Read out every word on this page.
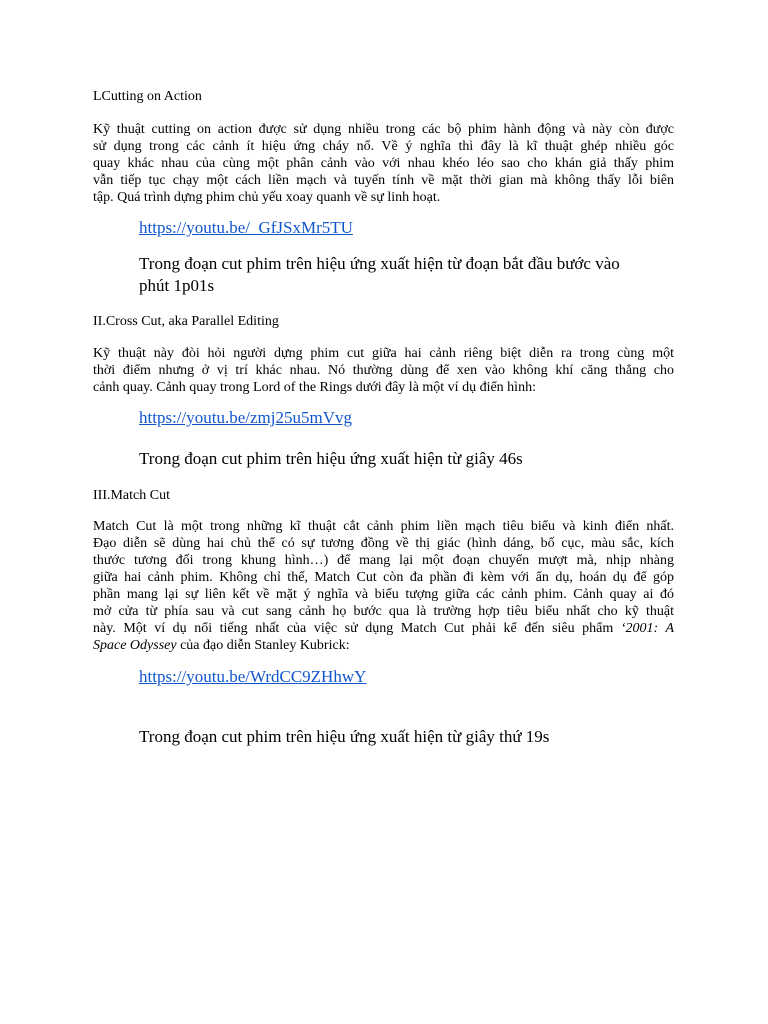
LCutting on Action
Kỹ thuật cutting on action được sử dụng nhiều trong các bộ phim hành động và này còn được
sử dụng trong các cảnh ít hiệu ứng cháy nổ. Về ý nghĩa thì đây là kĩ thuật ghép nhiều góc
quay khác nhau của cùng một phân cảnh vào với nhau khéo léo sao cho khán giả thấy phim
vẫn tiếp tục chạy một cách liền mạch và tuyến tính về mặt thời gian mà không thấy lỗi biên
tập. Quá trình dựng phim chủ yếu xoay quanh về sự linh hoạt.
https://youtu.be/_GfJSxMr5TU
Trong đoạn cut phim trên hiệu ứng xuất hiện từ đoạn bắt đầu bước vào
phút 1p01s
II.Cross Cut, aka Parallel Editing
Kỹ thuật này đòi hỏi người dựng phim cut giữa hai cảnh riêng biệt diễn ra trong cùng một
thời điểm nhưng ở vị trí khác nhau. Nó thường dùng để xen vào không khí căng thẳng cho
cảnh quay. Cảnh quay trong Lord of the Rings dưới đây là một ví dụ điển hình:
https://youtu.be/zmj25u5mVvg
Trong đoạn cut phim trên hiệu ứng xuất hiện từ giây 46s
III.Match Cut
Match Cut là một trong những kĩ thuật cắt cảnh phim liền mạch tiêu biểu và kinh điển nhất.
Đạo diễn sẽ dùng hai chủ thể có sự tương đồng về thị giác (hình dáng, bố cục, màu sắc, kích
thước tương đối trong khung hình…) để mang lại một đoạn chuyển mượt mà, nhịp nhàng
giữa hai cảnh phim. Không chỉ thế, Match Cut còn đa phần đi kèm với ẩn dụ, hoán dụ để góp
phần mang lại sự liên kết về mặt ý nghĩa và biểu tượng giữa các cảnh phim. Cảnh quay ai đó
mở cửa từ phía sau và cut sang cảnh họ bước qua là trường hợp tiêu biểu nhất cho kỹ thuật
này. Một ví dụ nổi tiếng nhất của việc sử dụng Match Cut phải kể đến siêu phẩm ‘2001: A
Space Odyssey của đạo diễn Stanley Kubrick:
https://youtu.be/WrdCC9ZHhwY
Trong đoạn cut phim trên hiệu ứng xuất hiện từ giây thứ 19s
